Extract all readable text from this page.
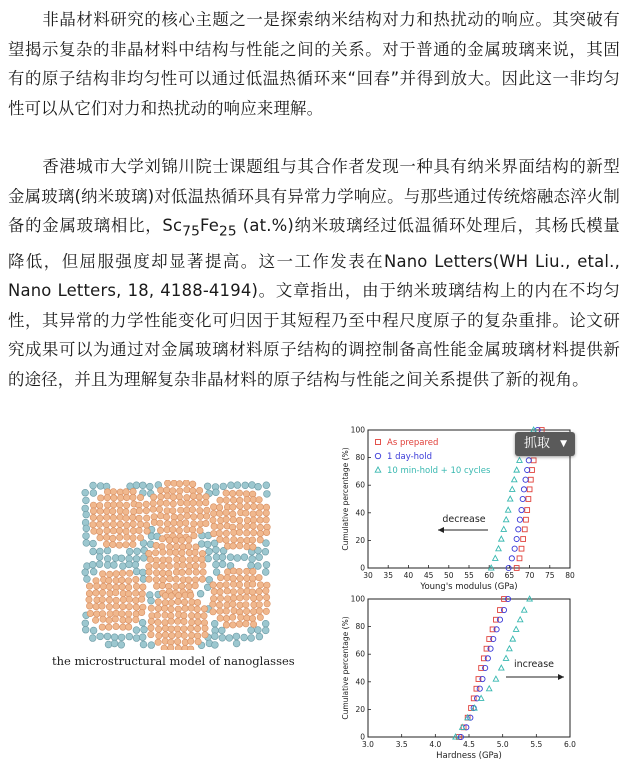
非晶材料研究的核心主题之一是探索纳米结构对力和热扰动的响应。其突破有望揭示复杂的非晶材料中结构与性能之间的关系。对于普通的金属玻璃来说，其固有的原子结构非均匀性可以通过低温热循环来“回春”并得到放大。因此这一非均匀性可以从它们对力和热扰动的响应来理解。

香港城市大学刘锦川院士课题组与其合作者发现一种具有纳米界面结构的新型金属玻璃(纳米玻璃)对低温热循环具有异常力学响应。与那些通过传统熔融态淬火制备的金属玻璃相比，$Sc_{75}Fe_{25}$ (at.%)纳米玻璃经过低温循环处理后，其杨氏模量降低，但屈服强度却显著提高。这一工作发表在Nano Letters(WH Liu., etal., Nano Letters, 18, 4188-4194)。文章指出，由于纳米玻璃结构上的内在不均匀性，其异常的力学性能变化可归因于其短程乃至中程尺度原子的复杂重排。论文研究成果可以为通过对金属玻璃材料原子结构的调控制备高性能金属玻璃材料提供新的途径，并且为理解复杂非晶材料的原子结构与性能之间关系提供了新的视角。

the microstructural model of nanoglasses
30 35 40 45 50 55 60 65 70 75 80
0
20
40
60
80
100
Young's modulus (GPa)
Cumulative percentage (%)
As prepared
1 day-hold
10 min-hold + 10 cycles
decrease
3.0	3.5	4.0	4.5	5.0	5.5	6.0
0
20
40
60
80
100
Hardness (GPa)
Cumulative percentage (%)	increase
抓取 ▼
